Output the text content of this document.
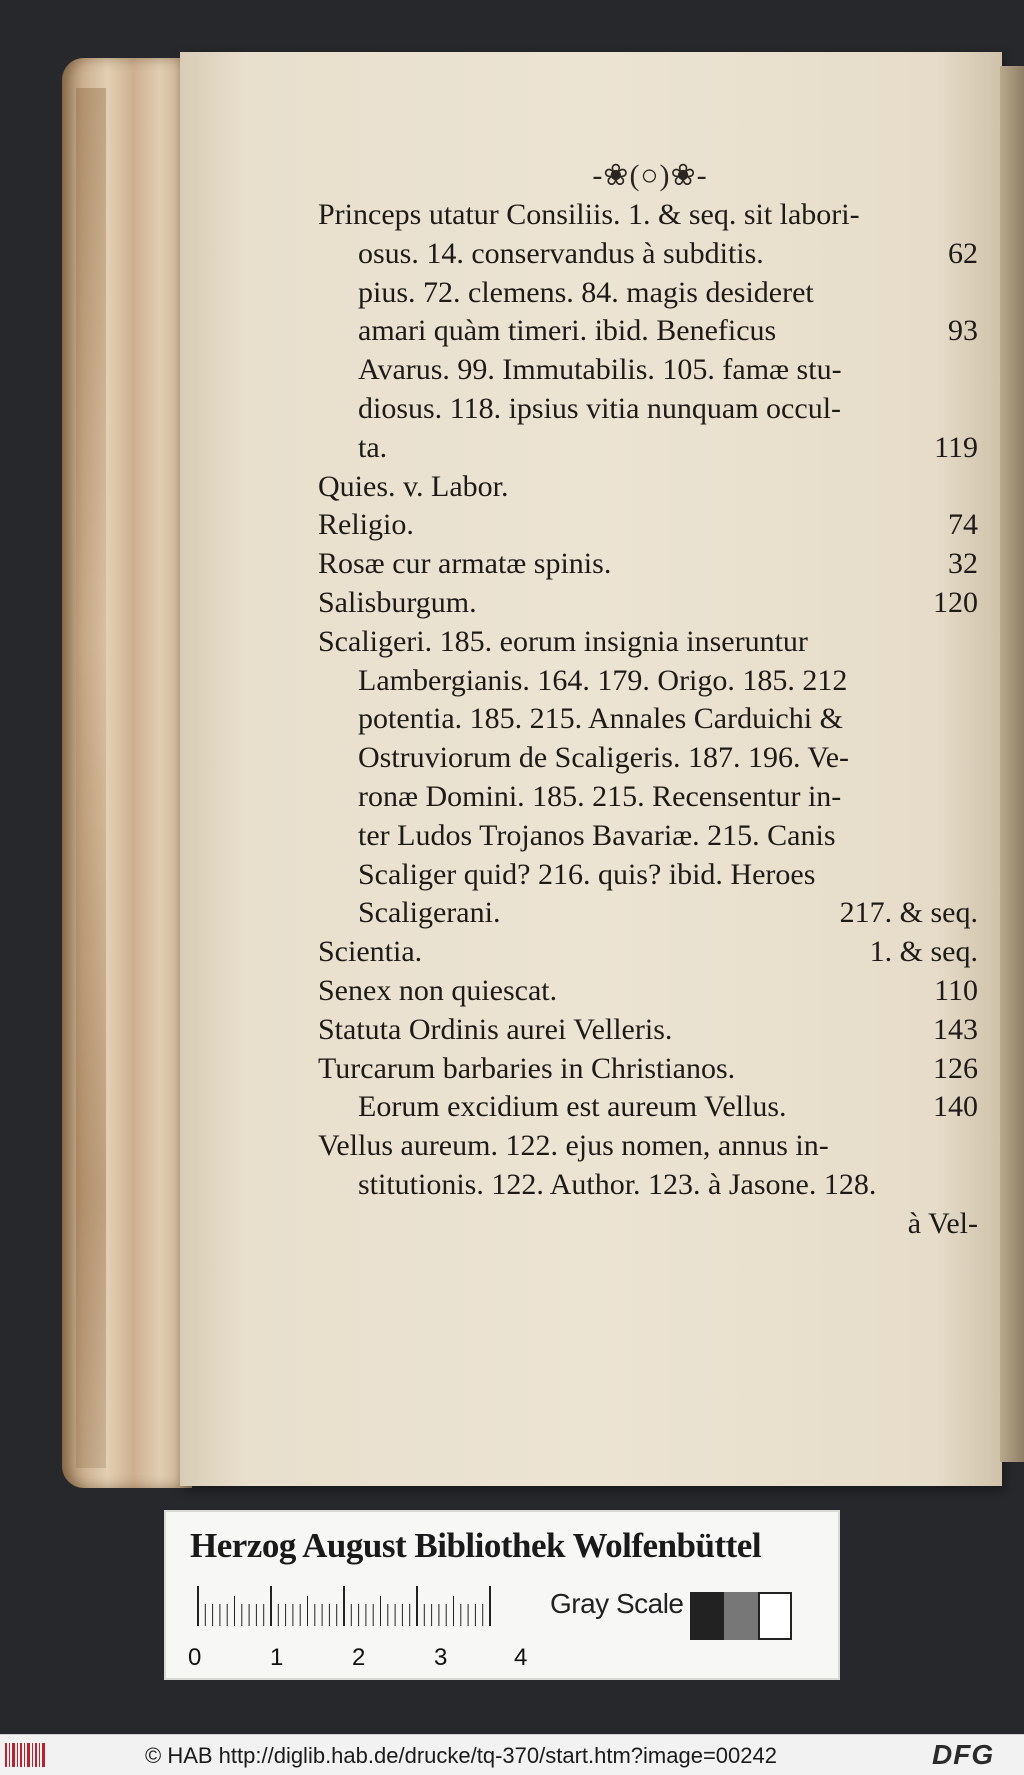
-❀(○)❀-
Princeps utatur Consiliis. 1. & seq. sit labori-
osus. 14. conservandus à subditis.	62
pius. 72. clemens. 84. magis desideret
amari quàm timeri. ibid. Beneficus	93
Avarus. 99. Immutabilis. 105. famæ stu-
diosus. 118. ipsius vitia nunquam occul-
ta.	119
Quies. v. Labor.
Religio.	74
Rosæ cur armatæ spinis.	32
Salisburgum.	120
Scaligeri. 185. eorum insignia inseruntur
Lambergianis. 164. 179. Origo. 185. 212
potentia. 185. 215. Annales Carduichi &
Ostruviorum de Scaligeris. 187. 196. Ve-
ronæ Domini. 185. 215. Recensentur in-
ter Ludos Trojanos Bavariæ. 215. Canis
Scaliger quid? 216. quis? ibid. Heroes
Scaligerani.	217. & seq.
Scientia.	1. & seq.
Senex non quiescat.	110
Statuta Ordinis aurei Velleris.	143
Turcarum barbaries in Christianos.	126
Eorum excidium est aureum Vellus.	140
Vellus aureum. 122. ejus nomen, annus in-
stitutionis. 122. Author. 123. à Jasone. 128.
à Vel-
Herzog August Bibliothek Wolfenbüttel
0	1	2	3	4
Gray Scale
© HAB http://diglib.hab.de/drucke/tq-370/start.htm?image=00242	DFG
